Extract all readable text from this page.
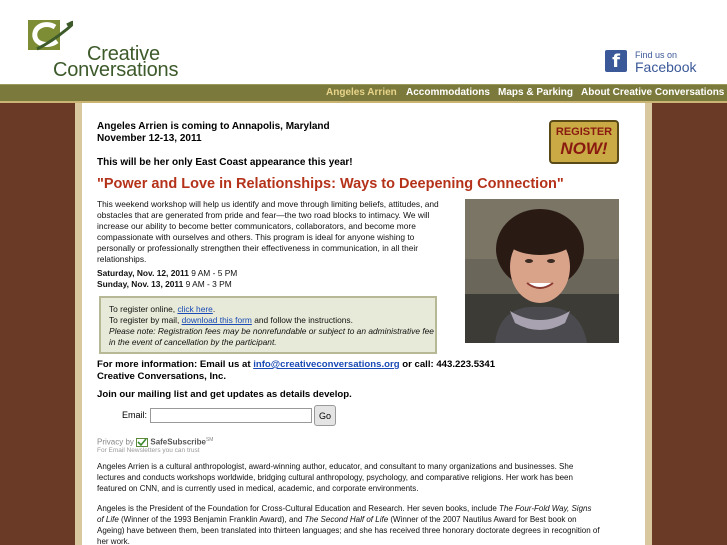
Creative
Conversations	f	Find us on
Facebook
Angeles Arrien Accommodations Maps & Parking About Creative Conversations
Angeles Arrien is coming to Annapolis, Maryland
November 12-13, 2011
This will be her only East Coast appearance this year!
REGISTER
NOW!
"Power and Love in Relationships: Ways to Deepening Connection"
This weekend workshop will help us identify and move through limiting beliefs, attitudes, and
obstacles that are generated from pride and fear—the two road blocks to intimacy. We will
increase our ability to become better communicators, collaborators, and become more
compassionate with ourselves and others. This program is ideal for anyone wishing to
personally or professionally strengthen their effectiveness in communication, in all their
relationships.
Saturday, Nov. 12, 2011 9 AM - 5 PM
Sunday, Nov. 13, 2011 9 AM - 3 PM
To register online, click here.
To register by mail, download this form and follow the instructions.
Please note: Registration fees may be nonrefundable or subject to an administrative fee
in the event of cancellation by the participant.
For more information: Email us at info@creativeconversations.org or call: 443.223.5341
Creative Conversations, Inc.
Join our mailing list and get updates as details develop.
Email:	Go
Privacy by  SafeSubscribe℠
For Email Newsletters you can trust
Angeles Arrien is a cultural anthropologist, award-winning author, educator, and consultant to many organizations and businesses. She
lectures and conducts workshops worldwide, bridging cultural anthropology, psychology, and comparative religions. Her work has been
featured on CNN, and is currently used in medical, academic, and corporate environments.
Angeles is the President of the Foundation for Cross-Cultural Education and Research. Her seven books, include The Four-Fold Way, Signs
of Life (Winner of the 1993 Benjamin Franklin Award), and The Second Half of Life (Winner of the 2007 Nautilus Award for Best book on
Ageing) have between them, been translated into thirteen languages; and she has received three honorary doctorate degrees in recognition of
her work.
